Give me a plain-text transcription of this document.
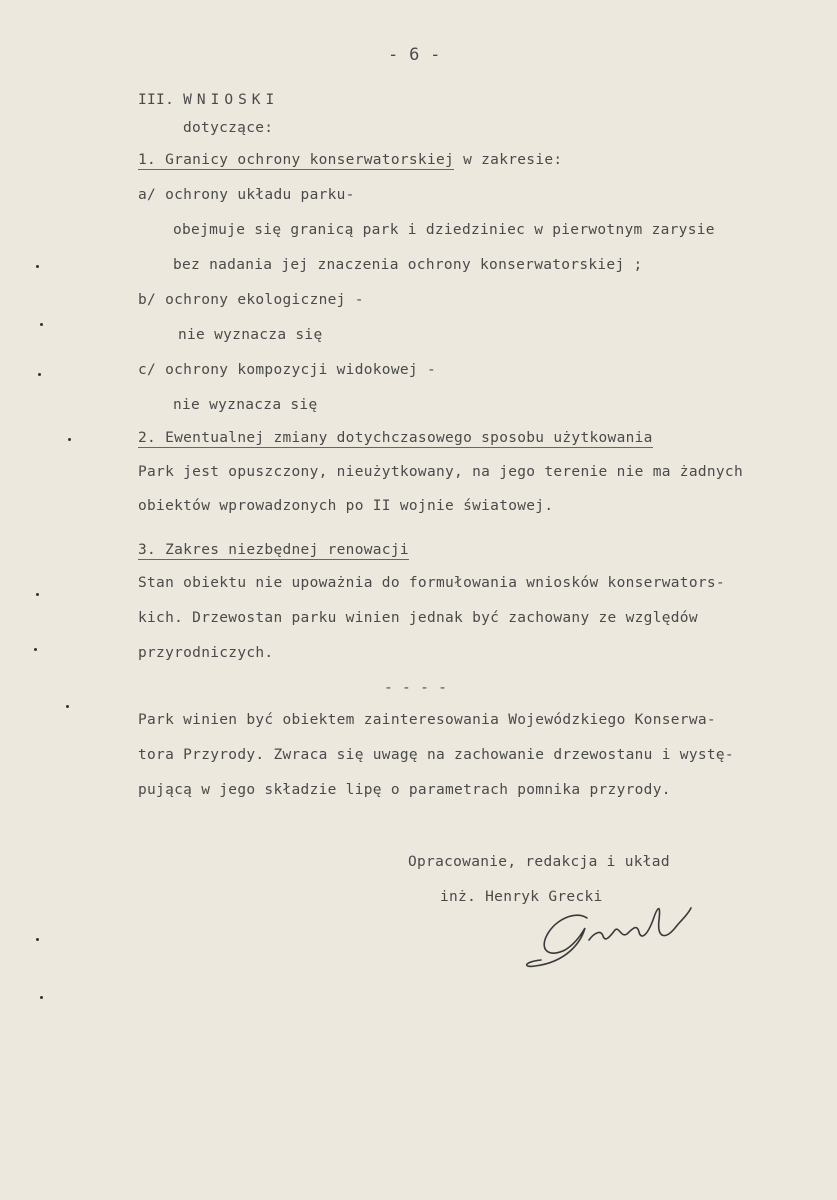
- 6 -
III. WNIOSKI
dotyczące:
1. Granicy ochrony konserwatorskiej w zakresie:
a/ ochrony układu parku-
obejmuje się granicą park i dziedziniec w pierwotnym zarysie
bez nadania jej znaczenia ochrony konserwatorskiej ;
b/ ochrony ekologicznej -
nie wyznacza się
c/ ochrony kompozycji widokowej -
nie wyznacza się
2. Ewentualnej zmiany dotychczasowego sposobu użytkowania
Park jest opuszczony, nieużytkowany, na jego terenie nie ma żadnych
obiektów wprowadzonych po II wojnie światowej.
3. Zakres niezbędnej renowacji
Stan obiektu nie upoważnia do formułowania wniosków konserwators-
kich. Drzewostan parku winien jednak być zachowany ze względów
przyrodniczych.
- - - -
Park winien być obiektem zainteresowania Wojewódzkiego Konserwa-
tora Przyrody. Zwraca się uwagę na zachowanie drzewostanu i wystę-
pującą w jego składzie lipę o parametrach pomnika przyrody.
Opracowanie, redakcja i układ
inż. Henryk Grecki
